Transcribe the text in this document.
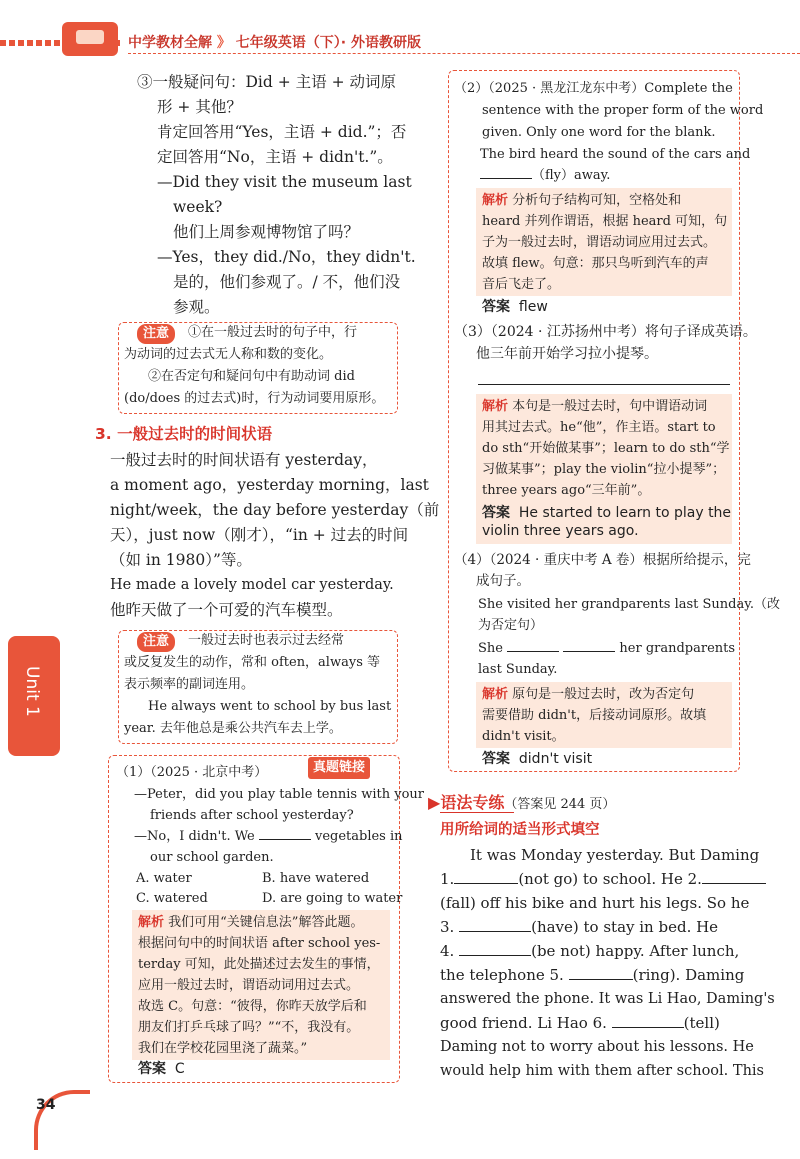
中学教材全解 》 七年级英语（下）· 外语教研版
Unit 1
34
③一般疑问句：Did + 主语 + 动词原
形 + 其他？
肯定回答用“Yes，主语 + did.”；否
定回答用“No，主语 + didn't.”。
—Did they visit the museum last
week?
他们上周参观博物馆了吗？
—Yes，they did./No，they didn't.
是的，他们参观了。/ 不，他们没
参观。
注意	①在一般过去时的句子中，行
为动词的过去式无人称和数的变化。
②在否定句和疑问句中有助动词 did
(do/does 的过去式)时，行为动词要用原形。
3. 一般过去时的时间状语
一般过去时的时间状语有 yesterday，
a moment ago，yesterday morning，last
night/week，the day before yesterday（前
天），just now（刚才），“in + 过去的时间
（如 in 1980）”等。
He made a lovely model car yesterday.
他昨天做了一个可爱的汽车模型。
注意	一般过去时也表示过去经常
或反复发生的动作，常和 often，always 等
表示频率的副词连用。
He always went to school by bus last
year. 去年他总是乘公共汽车去上学。
真题链接
（1）（2025 · 北京中考）
—Peter，did you play table tennis with your
friends after school yesterday?
—No，I didn't. We	vegetables in
our school garden.
A. water	B. have watered
C. watered	D. are going to water
解析 我们可用“关键信息法”解答此题。
根据问句中的时间状语 after school yes-
terday 可知，此处描述过去发生的事情，
应用一般过去时，谓语动词用过去式。
故选 C。句意：“彼得，你昨天放学后和
朋友们打乒乓球了吗？”“不，我没有。
我们在学校花园里浇了蔬菜。”
答案 C
（2）（2025 · 黑龙江龙东中考）Complete the
sentence with the proper form of the word
given. Only one word for the blank.
The bird heard the sound of the cars and
（fly）away.
解析 分析句子结构可知，空格处和
heard 并列作谓语，根据 heard 可知，句
子为一般过去时，谓语动词应用过去式。
故填 flew。句意：那只鸟听到汽车的声
音后飞走了。
答案 flew
（3）（2024 · 江苏扬州中考）将句子译成英语。
他三年前开始学习拉小提琴。
解析 本句是一般过去时，句中谓语动词
用其过去式。he“他”，作主语。start to
do sth“开始做某事”；learn to do sth“学
习做某事”；play the violin“拉小提琴”；
three years ago“三年前”。
答案 He started to learn to play the
violin three years ago.
（4）（2024 · 重庆中考 A 卷）根据所给提示，完
成句子。
She visited her grandparents last Sunday.（改
为否定句）
She	her grandparents
last Sunday.
解析 原句是一般过去时，改为否定句
需要借助 didn't，后接动词原形。故填
didn't visit。
答案 didn't visit
▶语法专练（答案见 244 页）
用所给词的适当形式填空
It was Monday yesterday. But Daming
1.	(not go) to school. He 2.
(fall) off his bike and hurt his legs. So he
3.	(have) to stay in bed. He
4.	(be not) happy. After lunch,
the telephone 5.	(ring). Daming
answered the phone. It was Li Hao, Daming's
good friend. Li Hao 6.	(tell)
Daming not to worry about his lessons. He
would help him with them after school. This
